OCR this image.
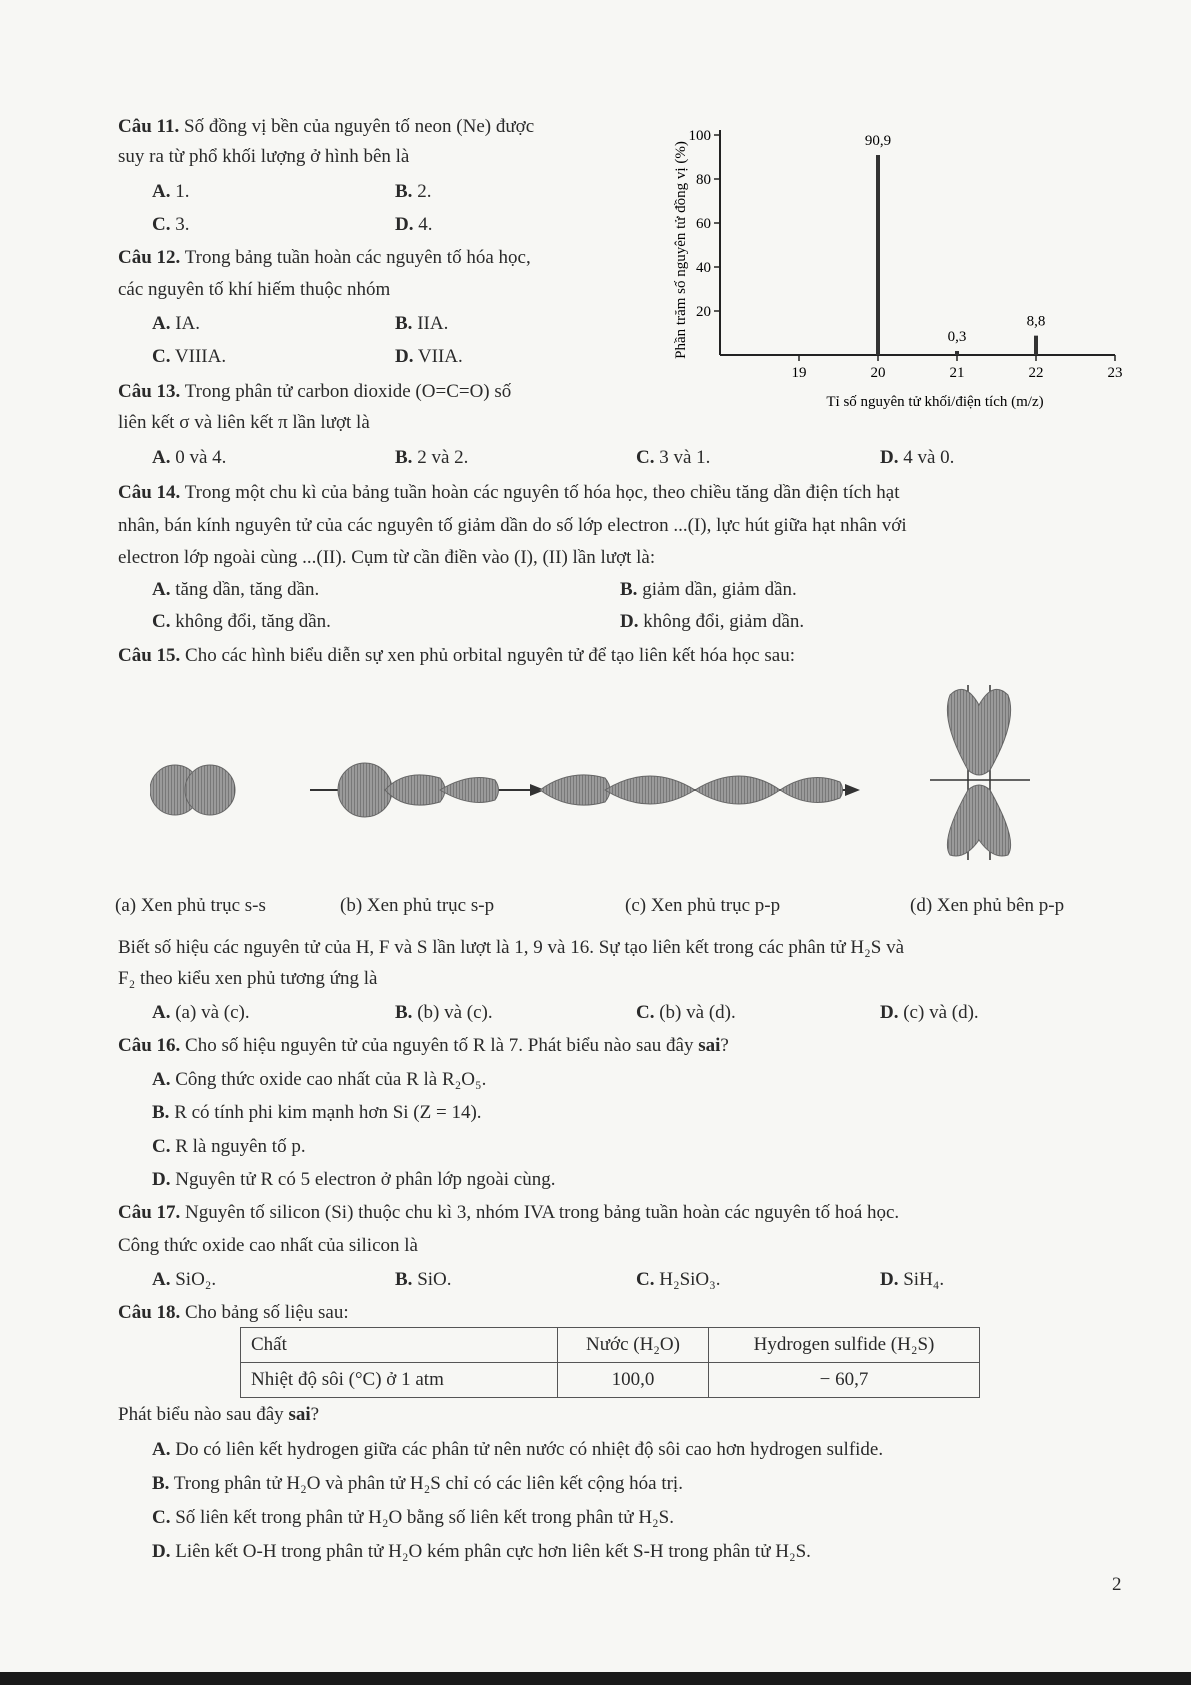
Câu 11. Số đồng vị bền của nguyên tố neon (Ne) được
suy ra từ phổ khối lượng ở hình bên là
A. 1.	B. 2.
C. 3.	D. 4.
Câu 12. Trong bảng tuần hoàn các nguyên tố hóa học,
các nguyên tố khí hiếm thuộc nhóm
A. IA.	B. IIA.
C. VIIIA.	D. VIIA.
Câu 13. Trong phân tử carbon dioxide (O=C=O) số
liên kết σ và liên kết π lần lượt là
A. 0 và 4.	B. 2 và 2.	C. 3 và 1.	D. 4 và 0.
20
40
60
80
100
19	20	21	22	23
90,9
0,3
8,8
Phần trăm số nguyên tử đồng vị (%)
Tỉ số nguyên tử khối/điện tích (m/z)
Câu 14. Trong một chu kì của bảng tuần hoàn các nguyên tố hóa học, theo chiều tăng dần điện tích hạt
nhân, bán kính nguyên tử của các nguyên tố giảm dần do số lớp electron ...(I), lực hút giữa hạt nhân với
electron lớp ngoài cùng ...(II). Cụm từ cần điền vào (I), (II) lần lượt là:
A. tăng dần, tăng dần.	B. giảm dần, giảm dần.
C. không đổi, tăng dần.	D. không đổi, giảm dần.
Câu 15. Cho các hình biểu diễn sự xen phủ orbital nguyên tử để tạo liên kết hóa học sau:
(a) Xen phủ trục s-s	(b) Xen phủ trục s-p	(c) Xen phủ trục p-p	(d) Xen phủ bên p-p
Biết số hiệu các nguyên tử của H, F và S lần lượt là 1, 9 và 16. Sự tạo liên kết trong các phân tử H₂S và
F₂ theo kiểu xen phủ tương ứng là
A. (a) và (c).	B. (b) và (c).	C. (b) và (d).	D. (c) và (d).
Câu 16. Cho số hiệu nguyên tử của nguyên tố R là 7. Phát biểu nào sau đây sai?
A. Công thức oxide cao nhất của R là R₂O₅.
B. R có tính phi kim mạnh hơn Si (Z = 14).
C. R là nguyên tố p.
D. Nguyên tử R có 5 electron ở phân lớp ngoài cùng.
Câu 17. Nguyên tố silicon (Si) thuộc chu kì 3, nhóm IVA trong bảng tuần hoàn các nguyên tố hoá học.
Công thức oxide cao nhất của silicon là
A. SiO₂.	B. SiO.	C. H₂SiO₃.	D. SiH₄.
Câu 18. Cho bảng số liệu sau:
Chất	Nước (H₂O)	Hydrogen sulfide (H₂S)
Nhiệt độ sôi (°C) ở 1 atm	100,0	− 60,7
Phát biểu nào sau đây sai?
A. Do có liên kết hydrogen giữa các phân tử nên nước có nhiệt độ sôi cao hơn hydrogen sulfide.
B. Trong phân tử H₂O và phân tử H₂S chỉ có các liên kết cộng hóa trị.
C. Số liên kết trong phân tử H₂O bằng số liên kết trong phân tử H₂S.
D. Liên kết O-H trong phân tử H₂O kém phân cực hơn liên kết S-H trong phân tử H₂S.
2
